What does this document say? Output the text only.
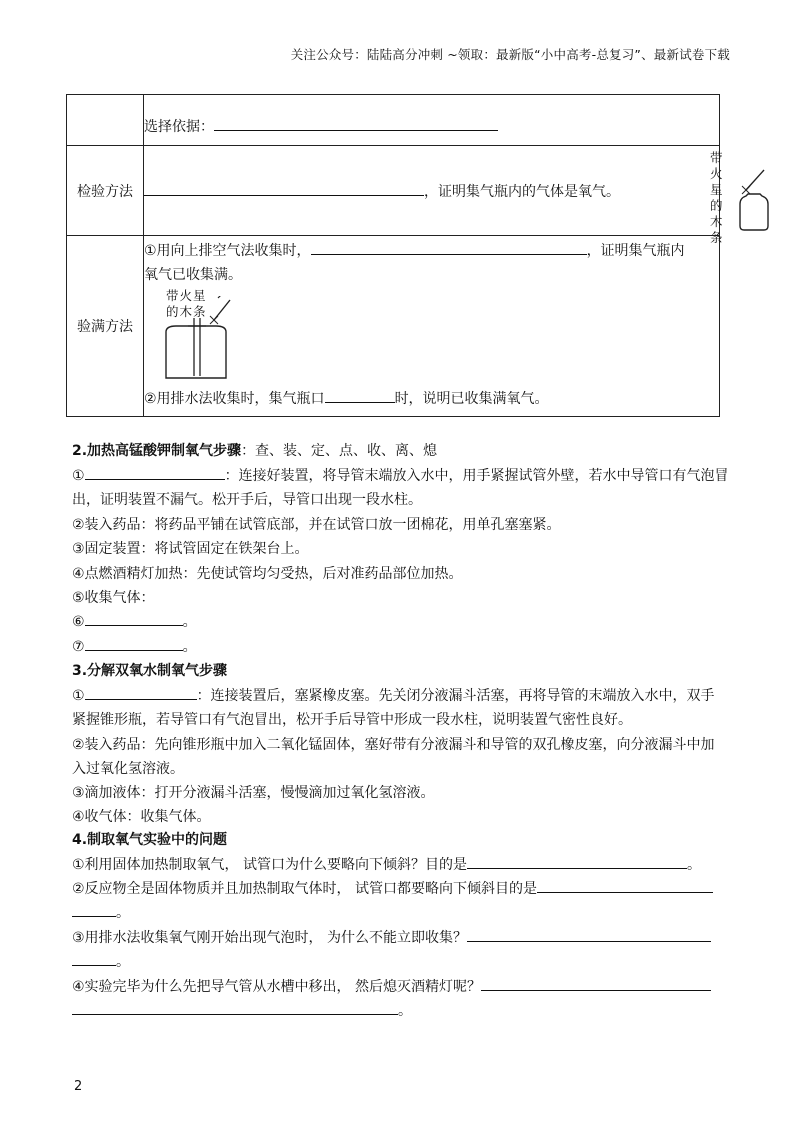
关注公众号：陆陆高分冲刺 ~领取：最新版“小中高考-总复习”、最新试卷下载
	选择依据：
检验方法	，证明集气瓶内的气体是氧气。
带火星
的木条

验满方法	①用向上排空气法收集时， ，证明集气瓶内
氧气已收集满。
带火星
的木条
②用排水法收集时，集气瓶口 时，说明已收集满氧气。
2.加热高锰酸钾制氧气步骤：查、装、定、点、收、离、熄
①	：连接好装置，将导管末端放入水中，用手紧握试管外壁，若水中导管口有气泡冒
出，证明装置不漏气。松开手后，导管口出现一段水柱。
②装入药品：将药品平铺在试管底部，并在试管口放一团棉花，用单孔塞塞紧。
③固定装置：将试管固定在铁架台上。
④点燃酒精灯加热：先使试管均匀受热，后对准药品部位加热。
⑤收集气体：
⑥	。
⑦	。
3.分解双氧水制氧气步骤
①	：连接装置后，塞紧橡皮塞。先关闭分液漏斗活塞，再将导管的末端放入水中，双手
紧握锥形瓶，若导管口有气泡冒出，松开手后导管中形成一段水柱，说明装置气密性良好。
②装入药品：先向锥形瓶中加入二氧化锰固体，塞好带有分液漏斗和导管的双孔橡皮塞，向分液漏斗中加
入过氧化氢溶液。
③滴加液体：打开分液漏斗活塞，慢慢滴加过氧化氢溶液。
④收气体：收集气体。
4.制取氧气实验中的问题
①利用固体加热制取氧气， 试管口为什么要略向下倾斜？目的是	。
②反应物全是固体物质并且加热制取气体时， 试管口都要略向下倾斜目的是
。
③用排水法收集氧气刚开始出现气泡时， 为什么不能立即收集？
。
④实验完毕为什么先把导气管从水槽中移出， 然后熄灭酒精灯呢？
。
2
